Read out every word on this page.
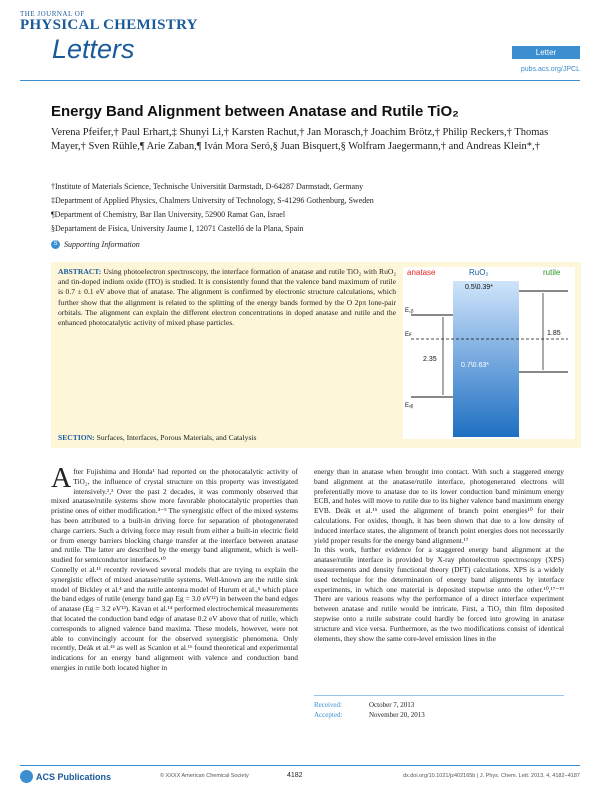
THE JOURNAL OF
PHYSICAL CHEMISTRY
Letters	Letter
pubs.acs.org/JPCL
Energy Band Alignment between Anatase and Rutile TiO₂
Verena Pfeifer,† Paul Erhart,‡ Shunyi Li,† Karsten Rachut,† Jan Morasch,† Joachim Brötz,† Philip Reckers,† Thomas Mayer,† Sven Rühle,¶ Arie Zaban,¶ Iván Mora Seró,§ Juan Bisquert,§ Wolfram Jaegermann,† and Andreas Klein*,†
†Institute of Materials Science, Technische Universität Darmstadt, D-64287 Darmstadt, Germany
‡Department of Applied Physics, Chalmers University of Technology, S-41296 Gothenburg, Sweden
¶Department of Chemistry, Bar Ilan University, 52900 Ramat Gan, Israel
§Departament de Física, University Jaume I, 12071 Castelló de la Plana, Spain
S Supporting Information
ABSTRACT: Using photoelectron spectroscopy, the interface formation of anatase and rutile TiO₂ with RuO₂ and tin-doped indium oxide (ITO) is studied. It is consistently found that the valence band maximum of rutile is 0.7 ± 0.1 eV above that of anatase. The alignment is confirmed by electronic structure calculations, which further show that the alignment is related to the splitting of the energy bands formed by the O 2pπ lone-pair orbitals. The alignment can explain the different electron concentrations in doped anatase and rutile and the enhanced photocatalytic activity of mixed phase particles.
SECTION: Surfaces, Interfaces, Porous Materials, and Catalysis
anatase	RuO₂	rutile
0.5\0.39*
0.7\0.63*
2.35
1.85
E꜀ᵦ
Eꜰ
Eᵥᵦ
A fter Fujishima and Honda¹ had reported on the photocatalytic activity of TiO₂, the influence of crystal structure on this property was investigated intensively.²,³ Over the past 2 decades, it was commonly observed that mixed anatase/rutile systems show more favorable photocatalytic properties than pristine ones of either modification.⁴⁻⁹ The synergistic effect of the mixed systems has been attributed to a built-in driving force for separation of photogenerated charge carriers. Such a driving force may result from either a built-in electric field or from energy barriers blocking charge transfer at the interface between anatase and rutile. The latter are described by the energy band alignment, which is well-studied for semiconductor interfaces.¹⁰
Connelly et al.¹¹ recently reviewed several models that are trying to explain the synergistic effect of mixed anatase/rutile systems. Well-known are the rutile sink model of Bickley et al.⁴ and the rutile antenna model of Hurum et al.,⁵ which place the band edges of rutile (energy band gap Eg = 3.0 eV¹²) in between the band edges of anatase (Eg = 3.2 eV¹³). Kavan et al.¹⁴ performed electrochemical measurements that located the conduction band edge of anatase 0.2 eV above that of rutile, which corresponds to aligned valence band maxima. These models, however, were not able to convincingly account for the observed synergistic phenomena. Only recently, Deák et al.¹⁵ as well as Scanlon et al.¹⁶ found theoretical and experimental indications for an energy band alignment with valence and conduction band energies in rutile both located higher in
energy than in anatase when brought into contact. With such a staggered energy band alignment at the anatase/rutile interface, photogenerated electrons will preferentially move to anatase due to its lower conduction band minimum energy ECB, and holes will move to rutile due to its higher valence band maximum energy EVB. Deák et al.¹⁵ used the alignment of branch point energies¹⁰ for their calculations. For oxides, though, it has been shown that due to a low density of induced interface states, the alignment of branch point energies does not necessarily yield proper results for the energy band alignment.¹⁷
In this work, further evidence for a staggered energy band alignment at the anatase/rutile interface is provided by X-ray photoelectron spectroscopy (XPS) measurements and density functional theory (DFT) calculations. XPS is a widely used technique for the determination of energy band alignments by interface experiments, in which one material is deposited stepwise onto the other.¹⁰,¹⁷⁻¹⁹ There are various reasons why the performance of a direct interface experiment between anatase and rutile would be intricate. First, a TiO₂ thin film deposited stepwise onto a rutile substrate could hardly be forced into growing in anatase structure and vice versa. Furthermore, as the two modifications consist of identical elements, they show the same core-level emission lines in the
Received:	October 7, 2013
Accepted:	November 20, 2013
ACS Publications	© XXXX American Chemical Society	4182	dx.doi.org/10.1021/jz402165b | J. Phys. Chem. Lett. 2013, 4, 4182−4187
